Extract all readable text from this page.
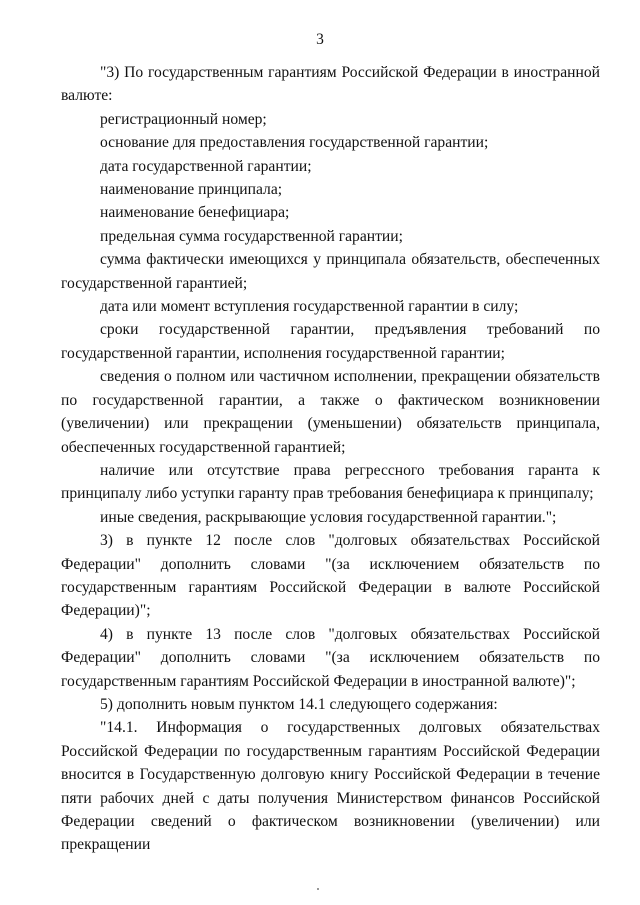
3

"3) По государственным гарантиям Российской Федерации в иностранной валюте:

регистрационный номер;

основание для предоставления государственной гарантии;

дата государственной гарантии;

наименование принципала;

наименование бенефициара;

предельная сумма государственной гарантии;

сумма фактически имеющихся у принципала обязательств, обеспеченных государственной гарантией;

дата или момент вступления государственной гарантии в силу;

сроки государственной гарантии, предъявления требований по государственной гарантии, исполнения государственной гарантии;

сведения о полном или частичном исполнении, прекращении обязательств по государственной гарантии, а также о фактическом возникновении (увеличении) или прекращении (уменьшении) обязательств принципала, обеспеченных государственной гарантией;

наличие или отсутствие права регрессного требования гаранта к принципалу либо уступки гаранту прав требования бенефициара к принципалу;

иные сведения, раскрывающие условия государственной гарантии.";

3) в пункте 12 после слов "долговых обязательствах Российской Федерации" дополнить словами "(за исключением обязательств по государственным гарантиям Российской Федерации в валюте Российской Федерации)";

4) в пункте 13 после слов "долговых обязательствах Российской Федерации" дополнить словами "(за исключением обязательств по государственным гарантиям Российской Федерации в иностранной валюте)";

5) дополнить новым пунктом 14.1 следующего содержания:

"14.1. Информация о государственных долговых обязательствах Российской Федерации по государственным гарантиям Российской Федерации вносится в Государственную долговую книгу Российской Федерации в течение пяти рабочих дней с даты получения Министерством финансов Российской Федерации сведений о фактическом возникновении (увеличении) или прекращении
